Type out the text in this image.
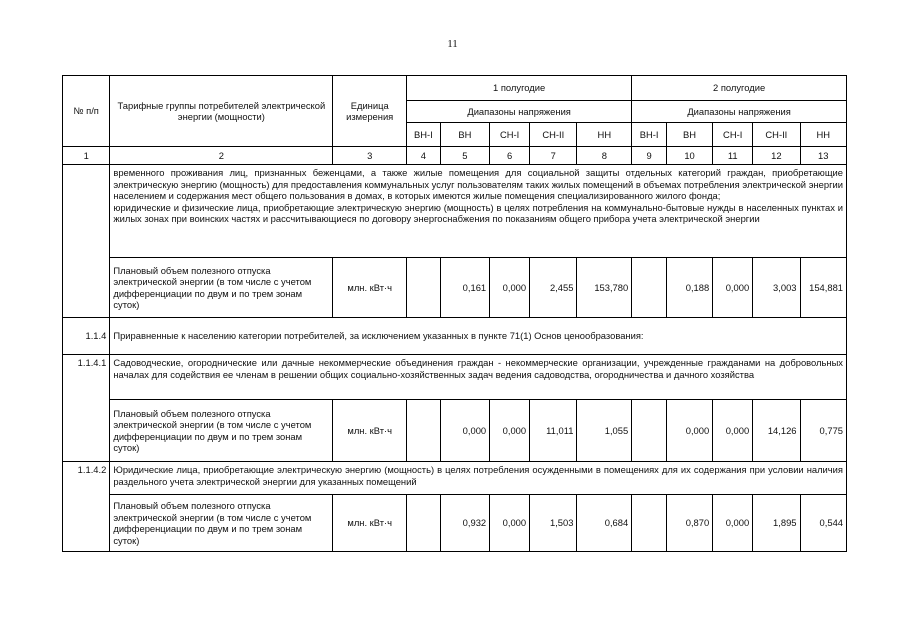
11
№ п/п	Тарифные группы потребителей электрической энергии (мощности)	Единица измерения	1 полугодие					2 полугодие				
			Диапазоны напряжения					Диапазоны напряжения				
			ВН-I	ВН	СН-I	СН-II	НН	ВН-I	ВН	СН-I	СН-II	НН
1	2	3	4	5	6	7	8	9	10	11	12	13

	временного проживания лиц, признанных беженцами, а также жилые помещения для социальной защиты отдельных категорий граждан, приобретающие электрическую энергию (мощность) для предоставления коммунальных услуг пользователям таких жилых помещений в объемах потребления электрической энергии населением и содержания мест общего пользования в домах, в которых имеются жилые помещения специализированного жилого фонда;
юридические и физические лица, приобретающие электрическую энергию (мощность) в целях потребления на коммунально-бытовые нужды в населенных пунктах и жилых зонах при воинских частях и рассчитывающиеся по договору энергоснабжения по показаниям общего прибора учета электрической энергии											

	Плановый объем полезного отпуска электрической энергии (в том числе с учетом дифференциации по двум и по трем зонам суток)	млн. кВт·ч		0,161	0,000	2,455	153,780		0,188	0,000	3,003	154,881
1.1.4	Приравненные к населению категории потребителей, за исключением указанных в пункте 71(1) Основ ценообразования:											
1.1.4.1	Садоводческие, огороднические или дачные некоммерческие объединения граждан - некоммерческие организации, учрежденные гражданами на добровольных началах для содействия ее членам в решении общих социально-хозяйственных задач ведения садоводства, огородничества и дачного хозяйства											
	Плановый объем полезного отпуска электрической энергии (в том числе с учетом дифференциации по двум и по трем зонам суток)	млн. кВт·ч		0,000	0,000	11,011	1,055		0,000	0,000	14,126	0,775
1.1.4.2	Юридические лица, приобретающие электрическую энергию (мощность) в целях потребления осужденными в помещениях для их содержания при условии наличия раздельного учета электрической энергии для указанных помещений											
	Плановый объем полезного отпуска электрической энергии (в том числе с учетом дифференциации по двум и по трем зонам суток)	млн. кВт·ч		0,932	0,000	1,503	0,684		0,870	0,000	1,895	0,544
